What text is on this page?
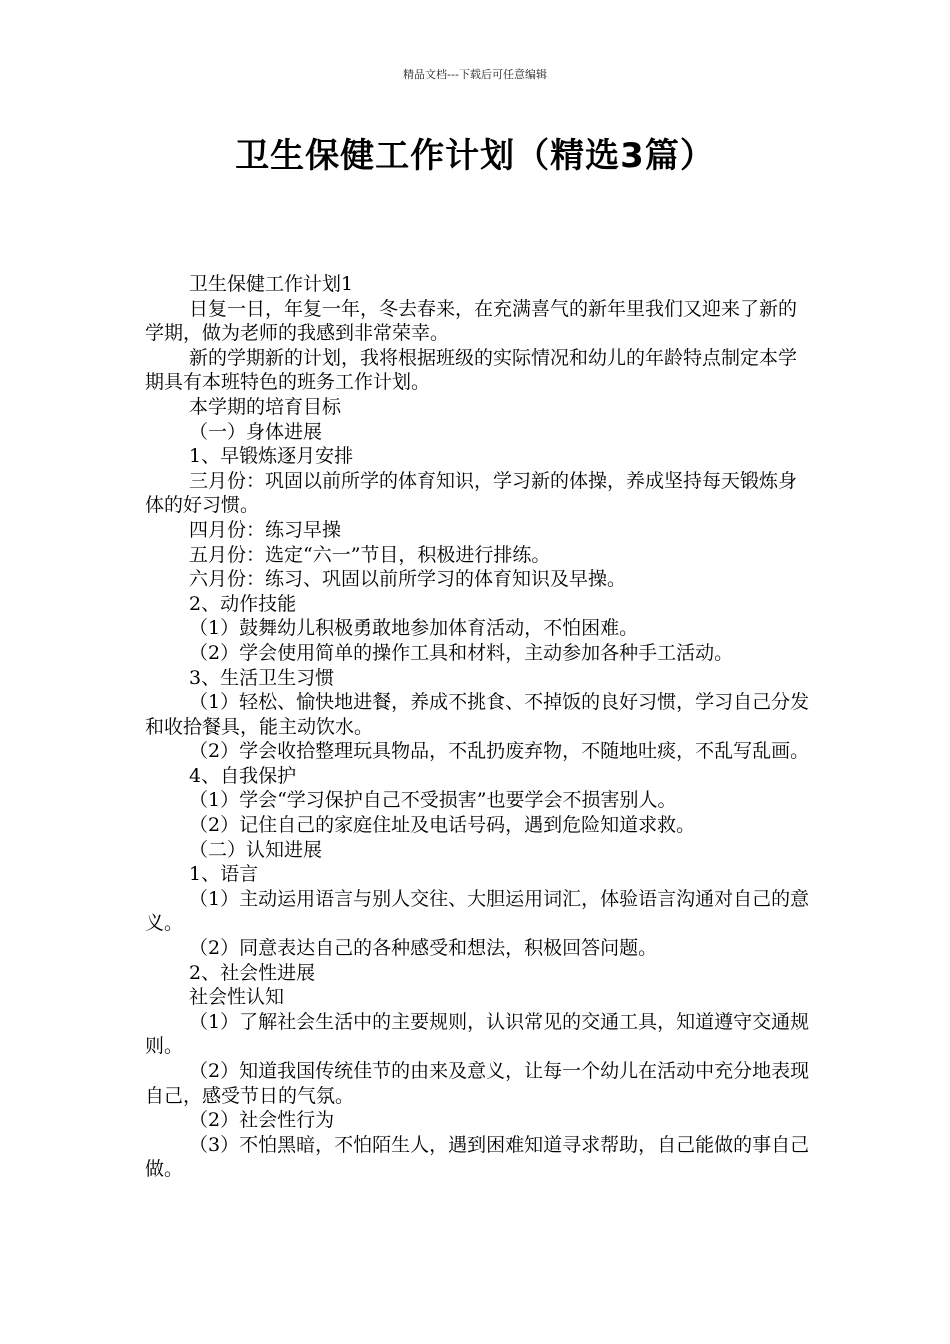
精品文档---下载后可任意编辑
卫生保健工作计划（精选3篇）

卫生保健工作计划1

日复一日，年复一年，冬去春来，在充满喜气的新年里我们又迎来了新的学期，做为老师的我感到非常荣幸。

新的学期新的计划，我将根据班级的实际情况和幼儿的年龄特点制定本学期具有本班特色的班务工作计划。

本学期的培育目标

（一）身体进展

1、早锻炼逐月安排

三月份：巩固以前所学的体育知识，学习新的体操，养成坚持每天锻炼身体的好习惯。

四月份：练习早操

五月份：选定“六一”节目，积极进行排练。

六月份：练习、巩固以前所学习的体育知识及早操。

2、动作技能

（1）鼓舞幼儿积极勇敢地参加体育活动，不怕困难。

（2）学会使用简单的操作工具和材料，主动参加各种手工活动。

3、生活卫生习惯

（1）轻松、愉快地进餐，养成不挑食、不掉饭的良好习惯，学习自己分发和收拾餐具，能主动饮水。

（2）学会收拾整理玩具物品，不乱扔废弃物，不随地吐痰，不乱写乱画。

4、自我保护

（1）学会“学习保护自己不受损害”也要学会不损害别人。

（2）记住自己的家庭住址及电话号码，遇到危险知道求救。

（二）认知进展

1、语言

（1）主动运用语言与别人交往、大胆运用词汇，体验语言沟通对自己的意义。

（2）同意表达自己的各种感受和想法，积极回答问题。

2、社会性进展

社会性认知

（1）了解社会生活中的主要规则，认识常见的交通工具，知道遵守交通规则。

（2）知道我国传统佳节的由来及意义，让每一个幼儿在活动中充分地表现自己，感受节日的气氛。

（2）社会性行为

（3）不怕黑暗，不怕陌生人，遇到困难知道寻求帮助，自己能做的事自己做。
